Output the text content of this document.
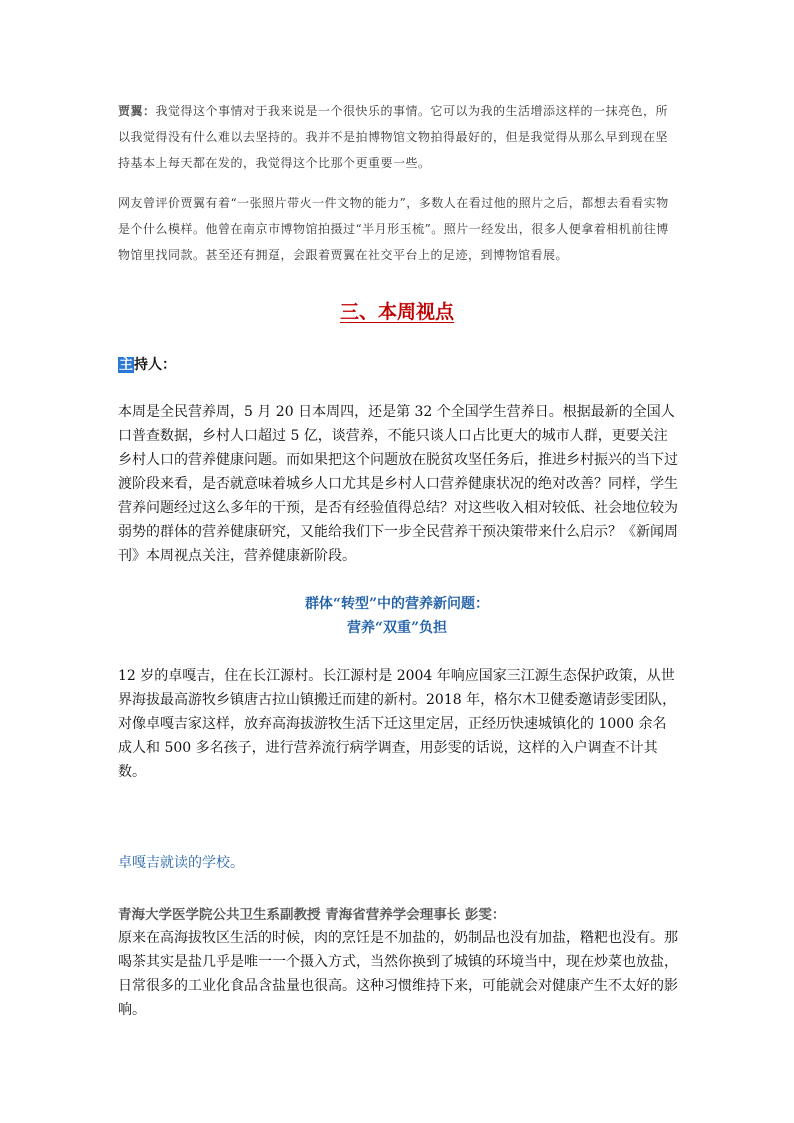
贾翼：我觉得这个事情对于我来说是一个很快乐的事情。它可以为我的生活增添这样的一抹亮色，所以我觉得没有什么难以去坚持的。我并不是拍博物馆文物拍得最好的，但是我觉得从那么早到现在坚持基本上每天都在发的，我觉得这个比那个更重要一些。

网友曾评价贾翼有着“一张照片带火一件文物的能力”，多数人在看过他的照片之后，都想去看看实物是个什么模样。他曾在南京市博物馆拍摄过“半月形玉梳”。照片一经发出，很多人便拿着相机前往博物馆里找同款。甚至还有拥趸，会跟着贾翼在社交平台上的足迹，到博物馆看展。

三、本周视点
主持人：

本周是全民营养周，5 月 20 日本周四，还是第 32 个全国学生营养日。根据最新的全国人口普查数据，乡村人口超过 5 亿，谈营养，不能只谈人口占比更大的城市人群，更要关注乡村人口的营养健康问题。而如果把这个问题放在脱贫攻坚任务后，推进乡村振兴的当下过渡阶段来看，是否就意味着城乡人口尤其是乡村人口营养健康状况的绝对改善？同样，学生营养问题经过这么多年的干预，是否有经验值得总结？对这些收入相对较低、社会地位较为弱势的群体的营养健康研究，又能给我们下一步全民营养干预决策带来什么启示？《新闻周刊》本周视点关注，营养健康新阶段。

群体“转型”中的营养新问题：
营养“双重”负担

12 岁的卓嘎吉，住在长江源村。长江源村是 2004 年响应国家三江源生态保护政策，从世界海拔最高游牧乡镇唐古拉山镇搬迁而建的新村。2018 年，格尔木卫健委邀请彭雯团队，对像卓嘎吉家这样，放弃高海拔游牧生活下迁这里定居，正经历快速城镇化的 1000 余名成人和 500 多名孩子，进行营养流行病学调查，用彭雯的话说，这样的入户调查不计其数。

卓嘎吉就读的学校。
青海大学医学院公共卫生系副教授 青海省营养学会理事长 彭雯：

原来在高海拔牧区生活的时候，肉的烹饪是不加盐的，奶制品也没有加盐，糌粑也没有。那喝茶其实是盐几乎是唯一一个摄入方式，当然你换到了城镇的环境当中，现在炒菜也放盐，日常很多的工业化食品含盐量也很高。这种习惯维持下来，可能就会对健康产生不太好的影响。
